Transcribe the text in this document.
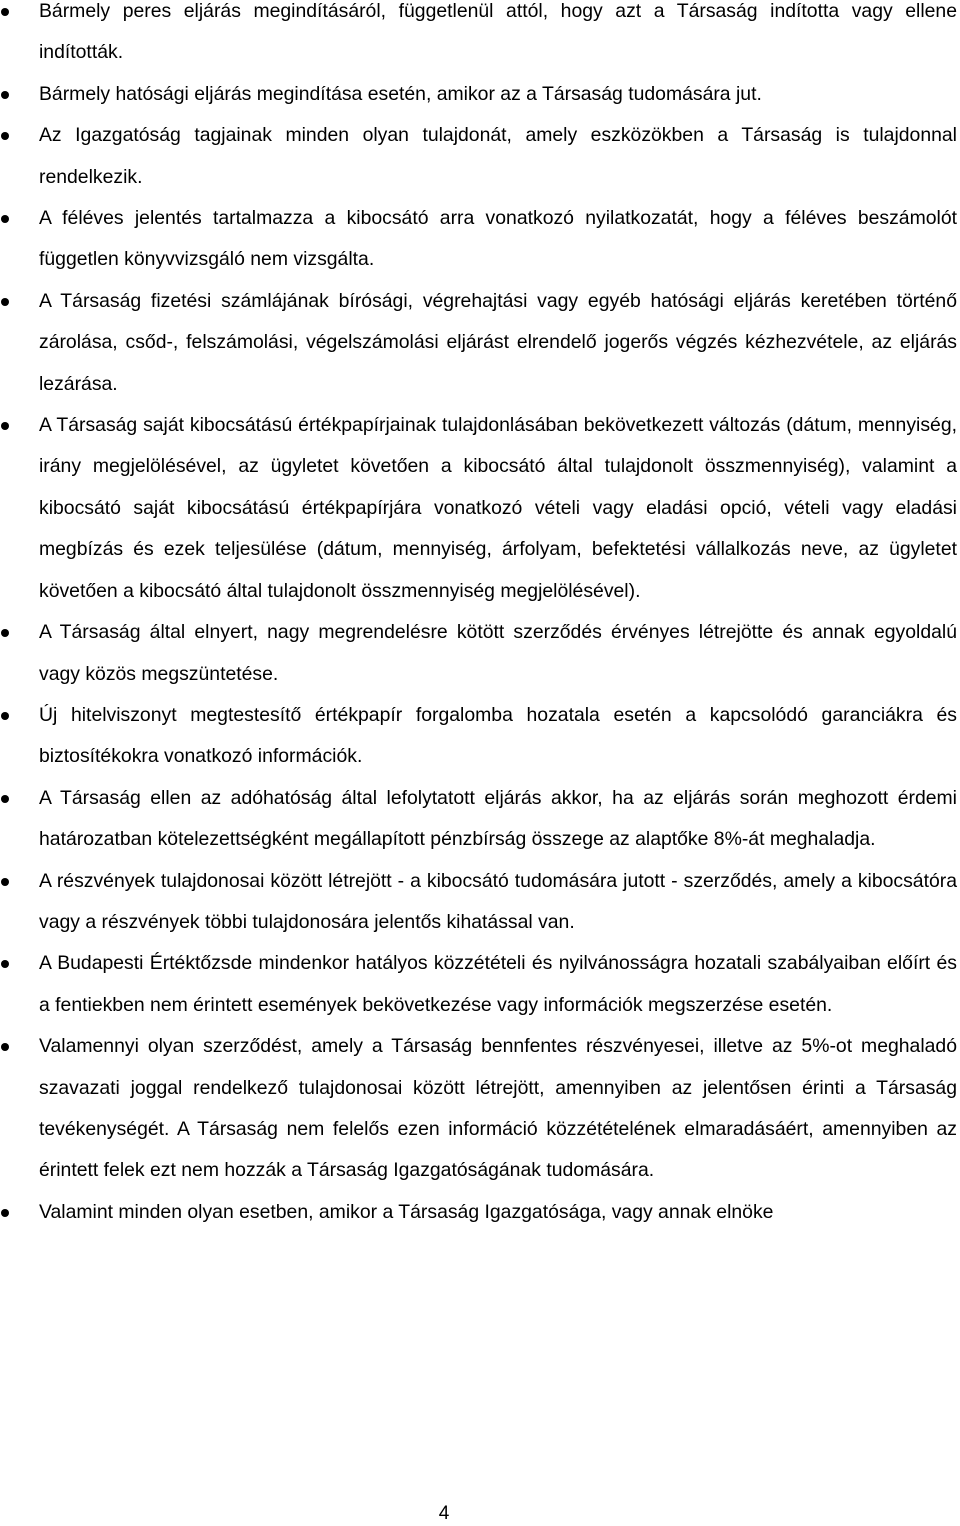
Bármely peres eljárás megindításáról, függetlenül attól, hogy azt a Társaság indította vagy ellene indították.
Bármely hatósági eljárás megindítása esetén, amikor az a Társaság tudomására jut.
Az Igazgatóság tagjainak minden olyan tulajdonát, amely eszközökben a Társaság is tulajdonnal rendelkezik.
A féléves jelentés tartalmazza a kibocsátó arra vonatkozó nyilatkozatát, hogy a féléves beszámolót független könyvvizsgáló nem vizsgálta.
A Társaság fizetési számlájának bírósági, végrehajtási vagy egyéb hatósági eljárás keretében történő zárolása, csőd-, felszámolási, végelszámolási eljárást elrendelő jogerős végzés kézhezvétele, az eljárás lezárása.
A Társaság saját kibocsátású értékpapírjainak tulajdonlásában bekövetkezett változás (dátum, mennyiség, irány megjelölésével, az ügyletet követően a kibocsátó által tulajdonolt összmennyiség), valamint a kibocsátó saját kibocsátású értékpapírjára vonatkozó vételi vagy eladási opció, vételi vagy eladási megbízás és ezek teljesülése (dátum, mennyiség, árfolyam, befektetési vállalkozás neve, az ügyletet követően a kibocsátó által tulajdonolt összmennyiség megjelölésével).
A Társaság által elnyert, nagy megrendelésre kötött szerződés érvényes létrejötte és annak egyoldalú vagy közös megszüntetése.
Új hitelviszonyt megtestesítő értékpapír forgalomba hozatala esetén a kapcsolódó garanciákra és biztosítékokra vonatkozó információk.
A Társaság ellen az adóhatóság által lefolytatott eljárás akkor, ha az eljárás során meghozott érdemi határozatban kötelezettségként megállapított pénzbírság összege az alaptőke 8%-át meghaladja.
A részvények tulajdonosai között létrejött - a kibocsátó tudomására jutott - szerződés, amely a kibocsátóra vagy a részvények többi tulajdonosára jelentős kihatással van.
A Budapesti Értéktőzsde mindenkor hatályos közzétételi és nyilvánosságra hozatali szabályaiban előírt és a fentiekben nem érintett események bekövetkezése vagy információk megszerzése esetén.
Valamennyi olyan szerződést, amely a Társaság bennfentes részvényesei, illetve az 5%-ot meghaladó szavazati joggal rendelkező tulajdonosai között létrejött, amennyiben az jelentősen érinti a Társaság tevékenységét. A Társaság nem felelős ezen információ közzétételének elmaradásáért, amennyiben az érintett felek ezt nem hozzák a Társaság Igazgatóságának tudomására.
Valamint minden olyan esetben, amikor a Társaság Igazgatósága, vagy annak elnöke
4
